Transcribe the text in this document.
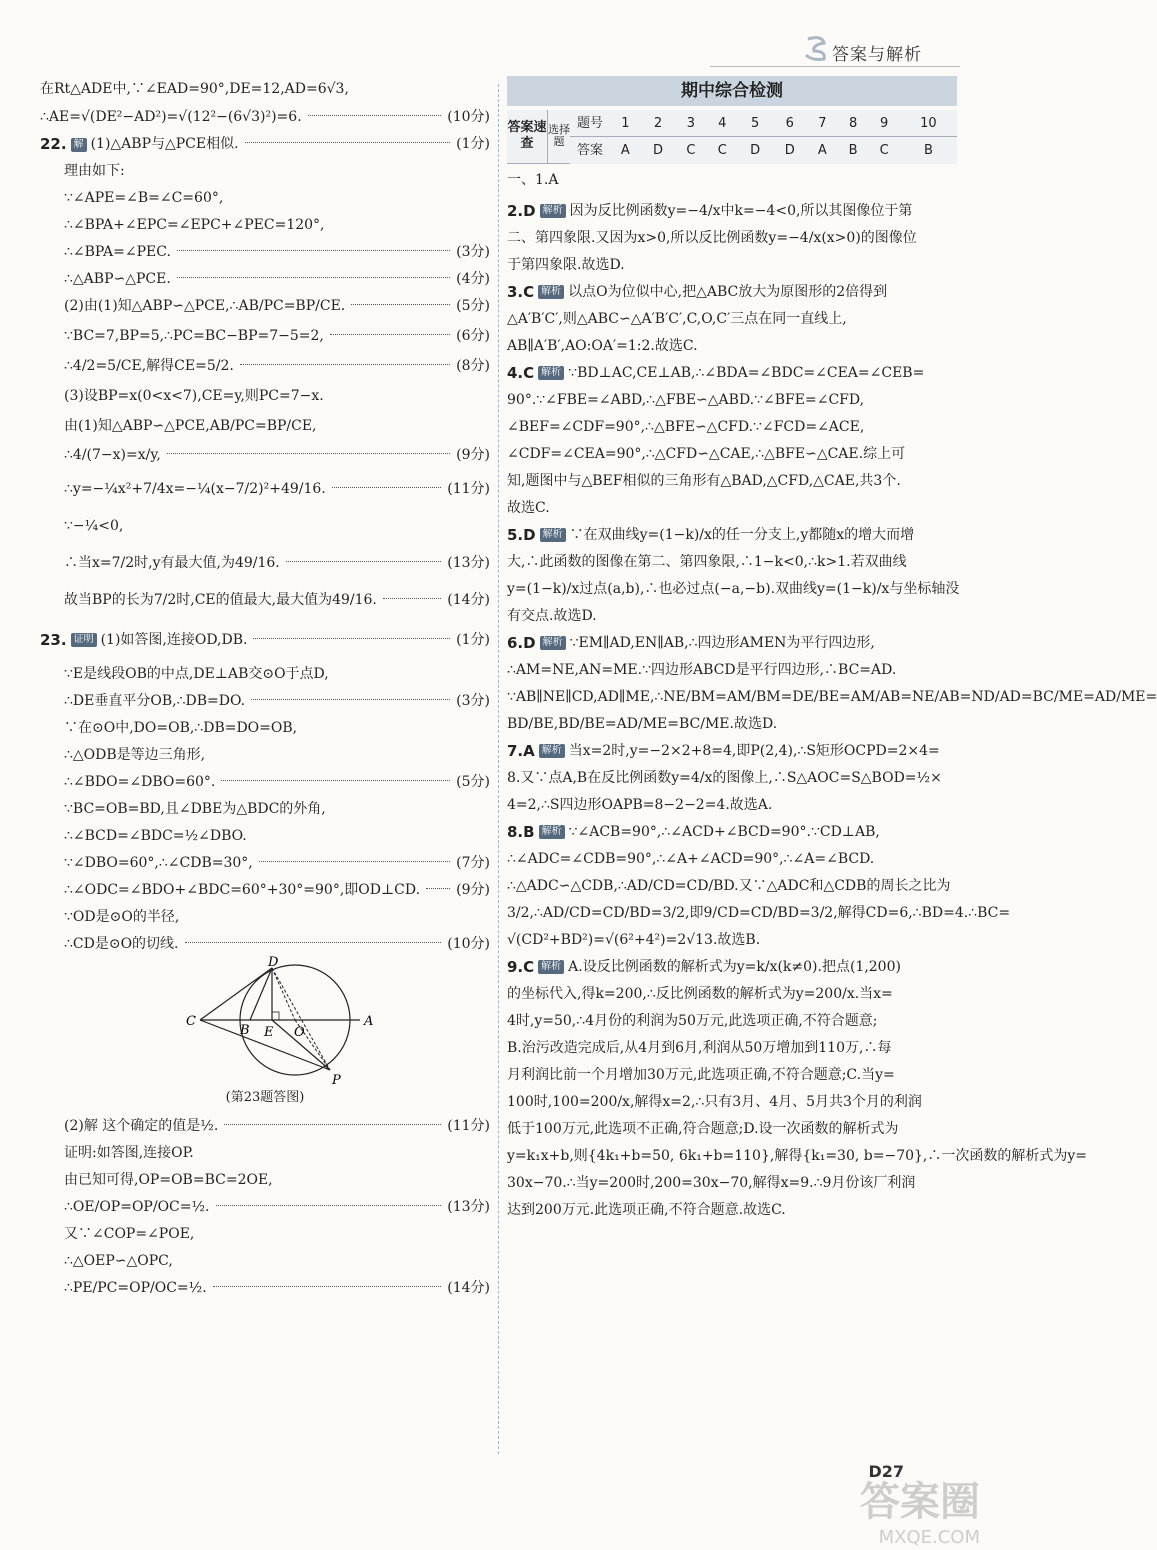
答案与解析
在Rt△ADE中,∵∠EAD=90°,DE=12,AD=6√3,
∴AE=√(DE²−AD²)=√(12²−(6√3)²)=6.	(10分)
22. 解 (1)△ABP与△PCE相似.	(1分)
理由如下:
∵∠APE=∠B=∠C=60°,
∴∠BPA+∠EPC=∠EPC+∠PEC=120°,
∴∠BPA=∠PEC.	(3分)
∴△ABP∽△PCE.	(4分)
(2)由(1)知△ABP∽△PCE,∴AB/PC=BP/CE.	(5分)
∵BC=7,BP=5,∴PC=BC−BP=7−5=2,	(6分)
∴4/2=5/CE,解得CE=5/2.	(8分)
(3)设BP=x(0<x<7),CE=y,则PC=7−x.
由(1)知△ABP∽△PCE,AB/PC=BP/CE,
∴4/(7−x)=x/y,	(9分)
∴y=−¼x²+7/4x=−¼(x−7/2)²+49/16.	(11分)
∵−¼<0,
∴当x=7/2时,y有最大值,为49/16.	(13分)
故当BP的长为7/2时,CE的值最大,最大值为49/16.	(14分)
23. 证明 (1)如答图,连接OD,DB.	(1分)
∵E是线段OB的中点,DE⊥AB交⊙O于点D,
∴DE垂直平分OB,∴DB=DO.	(3分)
∵在⊙O中,DO=OB,∴DB=DO=OB,
∴△ODB是等边三角形,
∴∠BDO=∠DBO=60°.	(5分)
∵BC=OB=BD,且∠DBE为△BDC的外角,
∴∠BCD=∠BDC=½∠DBO.
∵∠DBO=60°,∴∠CDB=30°,	(7分)
∴∠ODC=∠BDO+∠BDC=60°+30°=90°,即OD⊥CD.	(9分)
∵OD是⊙O的半径,
∴CD是⊙O的切线.	(10分)
D
C
B E O
A
P
(第23题答图)
(2)解 这个确定的值是½.	(11分)
证明:如答图,连接OP.
由已知可得,OP=OB=BC=2OE,
∴OE/OP=OP/OC=½.	(13分)
又∵∠COP=∠POE,
∴△OEP∽△OPC,
∴PE/PC=OP/OC=½.	(14分)
期中综合检测
答案速查	选择题	题号	1	2	3	4	5	6	7	8	9	10
		答案	A	D	C	C	D	D	A	B	C	B
一、1.A
2.D 解析 因为反比例函数y=−4/x中k=−4<0,所以其图像位于第
二、第四象限.又因为x>0,所以反比例函数y=−4/x(x>0)的图像位
于第四象限.故选D.
3.C 解析 以点O为位似中心,把△ABC放大为原图形的2倍得到
△A′B′C′,则△ABC∽△A′B′C′,C,O,C′三点在同一直线上,
AB∥A′B′,AO:OA′=1:2.故选C.
4.C 解析 ∵BD⊥AC,CE⊥AB,∴∠BDA=∠BDC=∠CEA=∠CEB=
90°.∵∠FBE=∠ABD,∴△FBE∽△ABD.∵∠BFE=∠CFD,
∠BEF=∠CDF=90°,∴△BFE∽△CFD.∵∠FCD=∠ACE,
∠CDF=∠CEA=90°,∴△CFD∽△CAE,∴△BFE∽△CAE.综上可
知,题图中与△BEF相似的三角形有△BAD,△CFD,△CAE,共3个.
故选C.
5.D 解析 ∵在双曲线y=(1−k)/x的任一分支上,y都随x的增大而增
大,∴此函数的图像在第二、第四象限,∴1−k<0,∴k>1.若双曲线
y=(1−k)/x过点(a,b),∴也必过点(−a,−b).双曲线y=(1−k)/x与坐标轴没
有交点.故选D.
6.D 解析 ∵EM∥AD,EN∥AB,∴四边形AMEN为平行四边形,
∴AM=NE,AN=ME.∵四边形ABCD是平行四边形,∴BC=AD.
∵AB∥NE∥CD,AD∥ME,∴NE/BM=AM/BM=DE/BE=AM/AB=NE/AB=ND/AD=BC/ME=AD/ME=
BD/BE,BD/BE=AD/ME=BC/ME.故选D.
7.A 解析 当x=2时,y=−2×2+8=4,即P(2,4),∴S矩形OCPD=2×4=
8.又∵点A,B在反比例函数y=4/x的图像上,∴S△AOC=S△BOD=½×
4=2,∴S四边形OAPB=8−2−2=4.故选A.
8.B 解析 ∵∠ACB=90°,∴∠ACD+∠BCD=90°.∵CD⊥AB,
∴∠ADC=∠CDB=90°,∴∠A+∠ACD=90°,∴∠A=∠BCD.
∴△ADC∽△CDB,∴AD/CD=CD/BD.又∵△ADC和△CDB的周长之比为
3/2,∴AD/CD=CD/BD=3/2,即9/CD=CD/BD=3/2,解得CD=6,∴BD=4.∴BC=
√(CD²+BD²)=√(6²+4²)=2√13.故选B.
9.C 解析 A.设反比例函数的解析式为y=k/x(k≠0).把点(1,200)
的坐标代入,得k=200,∴反比例函数的解析式为y=200/x.当x=
4时,y=50,∴4月份的利润为50万元,此选项正确,不符合题意;
B.治污改造完成后,从4月到6月,利润从50万增加到110万,∴每
月利润比前一个月增加30万元,此选项正确,不符合题意;C.当y=
100时,100=200/x,解得x=2,∴只有3月、4月、5月共3个月的利润
低于100万元,此选项不正确,符合题意;D.设一次函数的解析式为
y=k₁x+b,则{4k₁+b=50, 6k₁+b=110},解得{k₁=30, b=−70},∴一次函数的解析式为y=
30x−70.∴当y=200时,200=30x−70,解得x=9.∴9月份该厂利润
达到200万元.此选项正确,不符合题意.故选C.
D27
答案圈
MXQE.COM
